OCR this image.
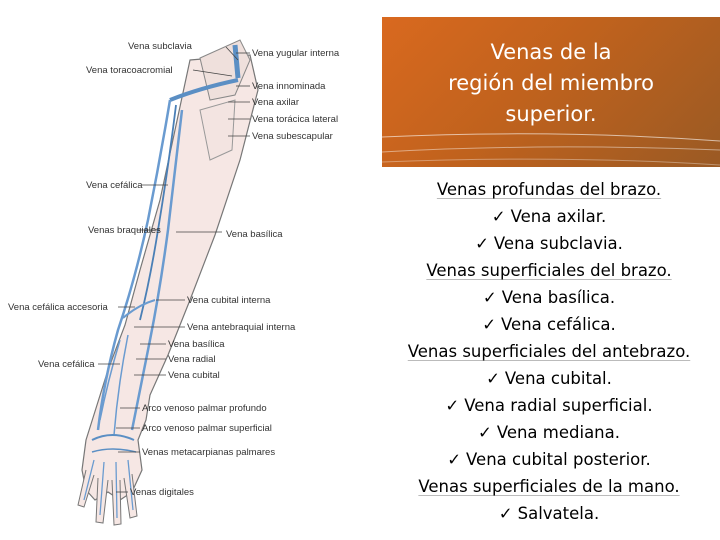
Vena subclavia
Vena toracoacromial
Vena yugular interna
Vena innominada
Vena axilar
Vena torácica lateral
Vena subescapular
Vena cefálica
Venas braquiales	Vena basílica
Vena cubital interna
Vena cefálica accesoria
Vena antebraquial interna
Vena basílica
Vena radial
Vena cefálica
Vena cubital
Arco venoso palmar profundo
Arco venoso palmar superficial
Venas metacarpianas palmares
Venas digitales
Venas de la
región del miembro
superior.
Venas profundas del brazo.
✓ Vena axilar.
✓ Vena subclavia.
Venas superficiales del brazo.
✓ Vena basílica.
✓ Vena cefálica.
Venas superficiales del antebrazo.
✓ Vena cubital.
✓ Vena radial superficial.
✓ Vena mediana.
✓ Vena cubital posterior.
Venas superficiales de la mano.
✓ Salvatela.
